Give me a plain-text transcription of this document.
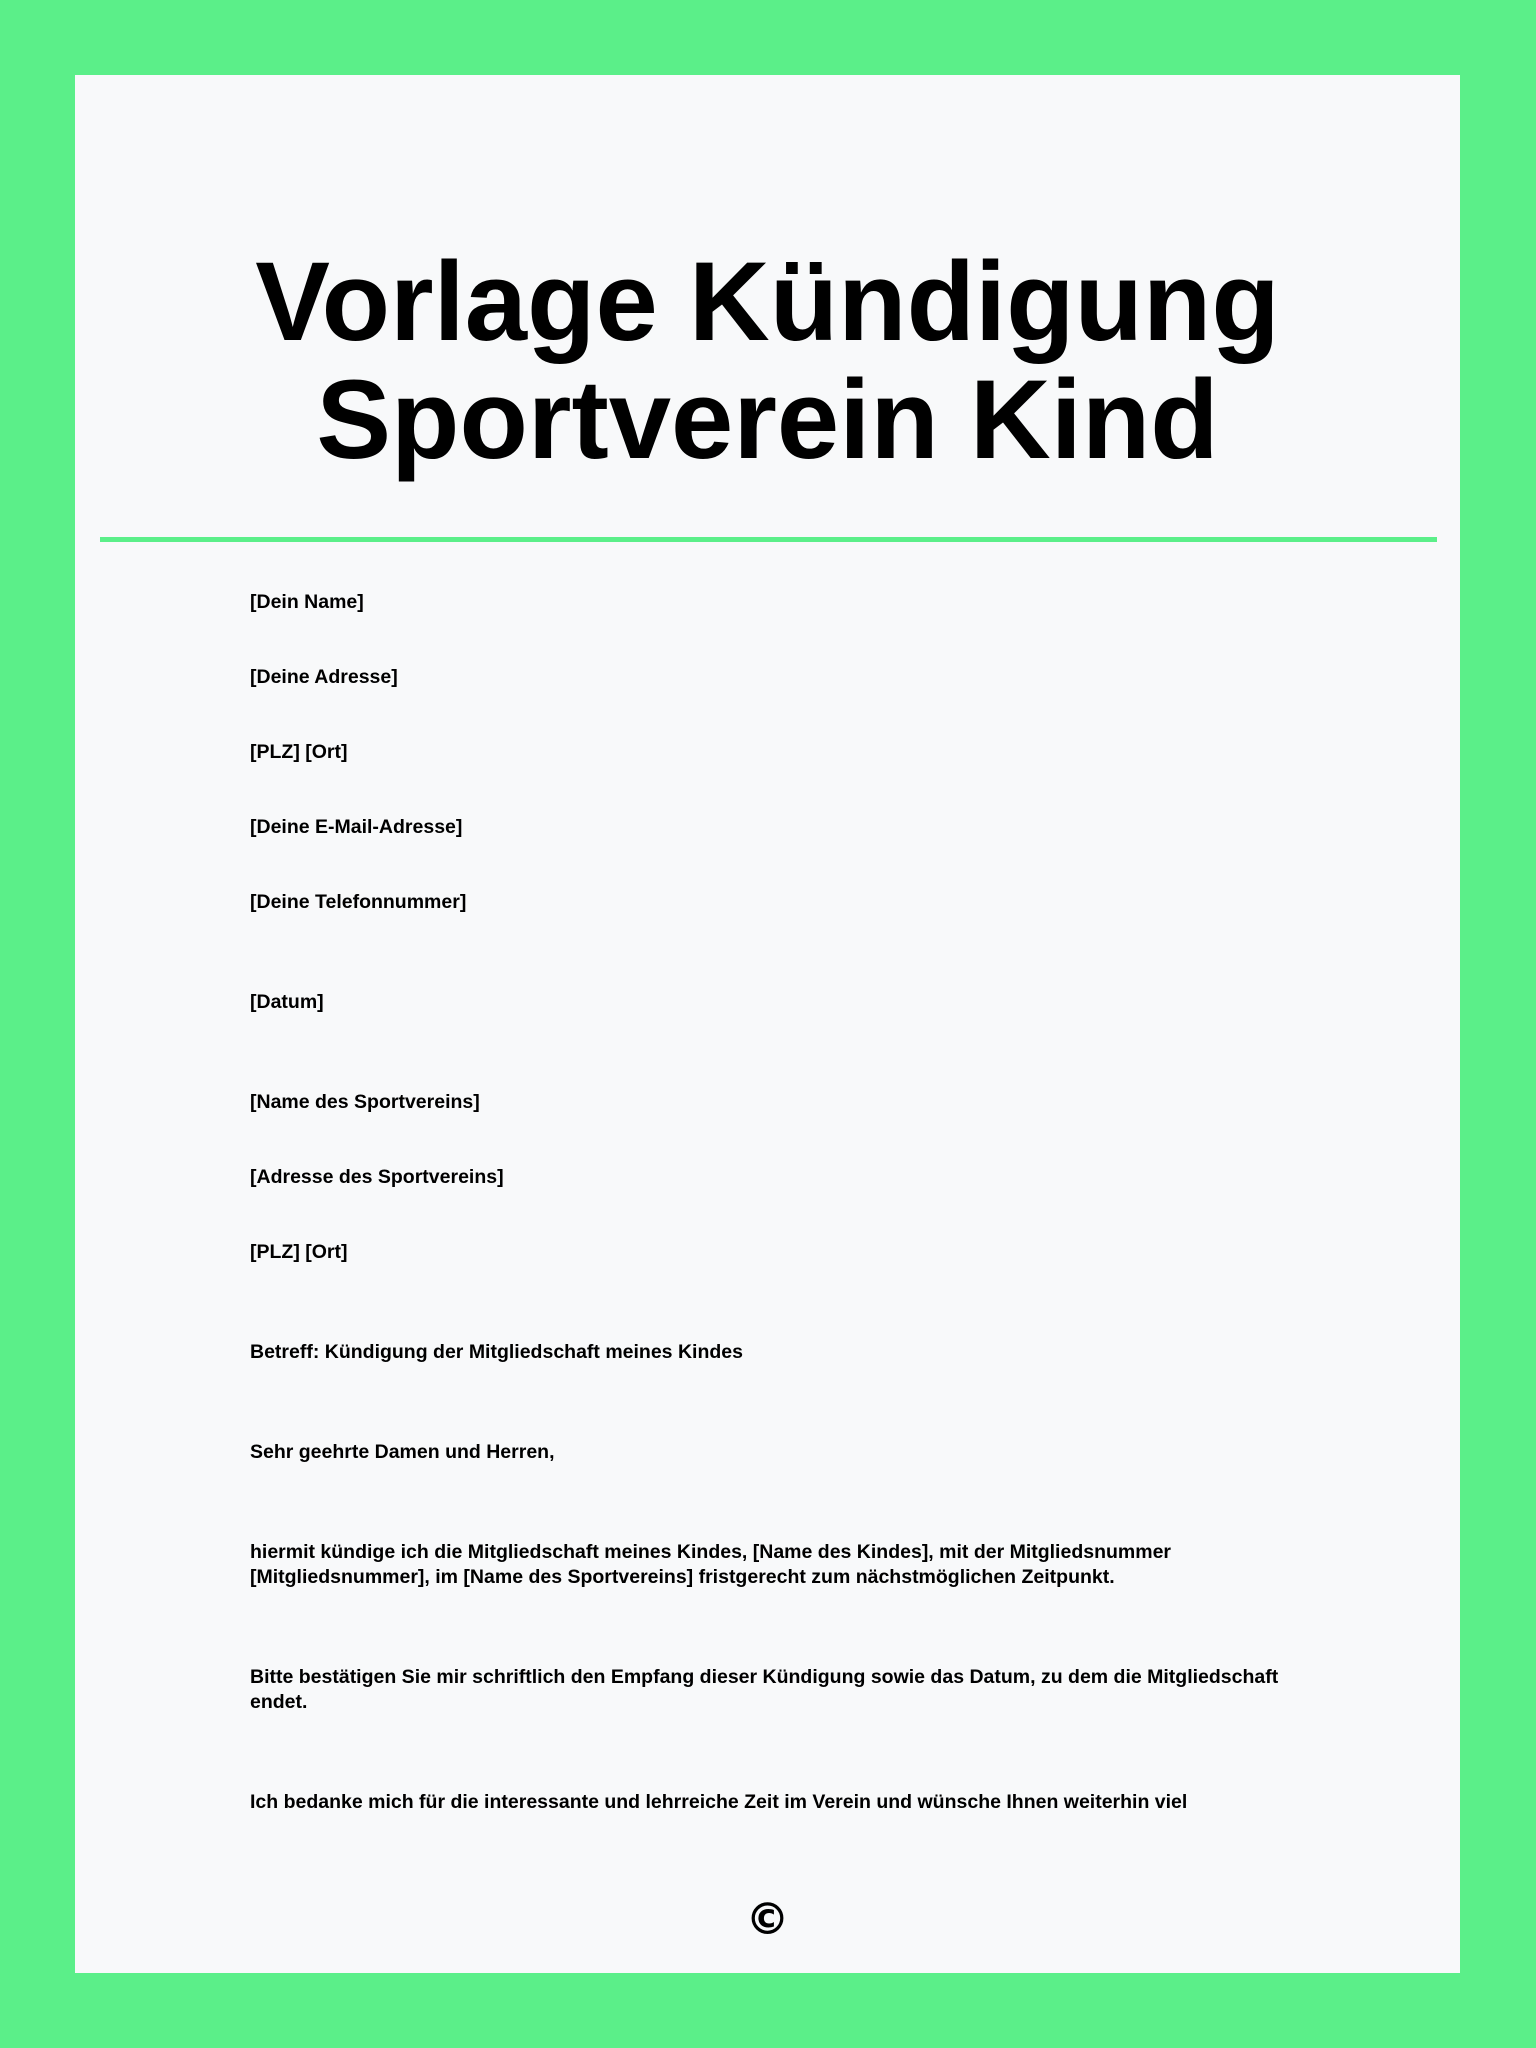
Vorlage Kündigung
Sportverein Kind

[Dein Name]

[Deine Adresse]

[PLZ] [Ort]

[Deine E-Mail-Adresse]

[Deine Telefonnummer]

[Datum]

[Name des Sportvereins]

[Adresse des Sportvereins]

[PLZ] [Ort]

Betreff: Kündigung der Mitgliedschaft meines Kindes

Sehr geehrte Damen und Herren,

hiermit kündige ich die Mitgliedschaft meines Kindes, [Name des Kindes], mit der Mitgliedsnummer [Mitgliedsnummer], im [Name des Sportvereins] fristgerecht zum nächstmöglichen Zeitpunkt.

Bitte bestätigen Sie mir schriftlich den Empfang dieser Kündigung sowie das Datum, zu dem die Mitgliedschaft endet.

Ich bedanke mich für die interessante und lehrreiche Zeit im Verein und wünsche Ihnen weiterhin viel

©
